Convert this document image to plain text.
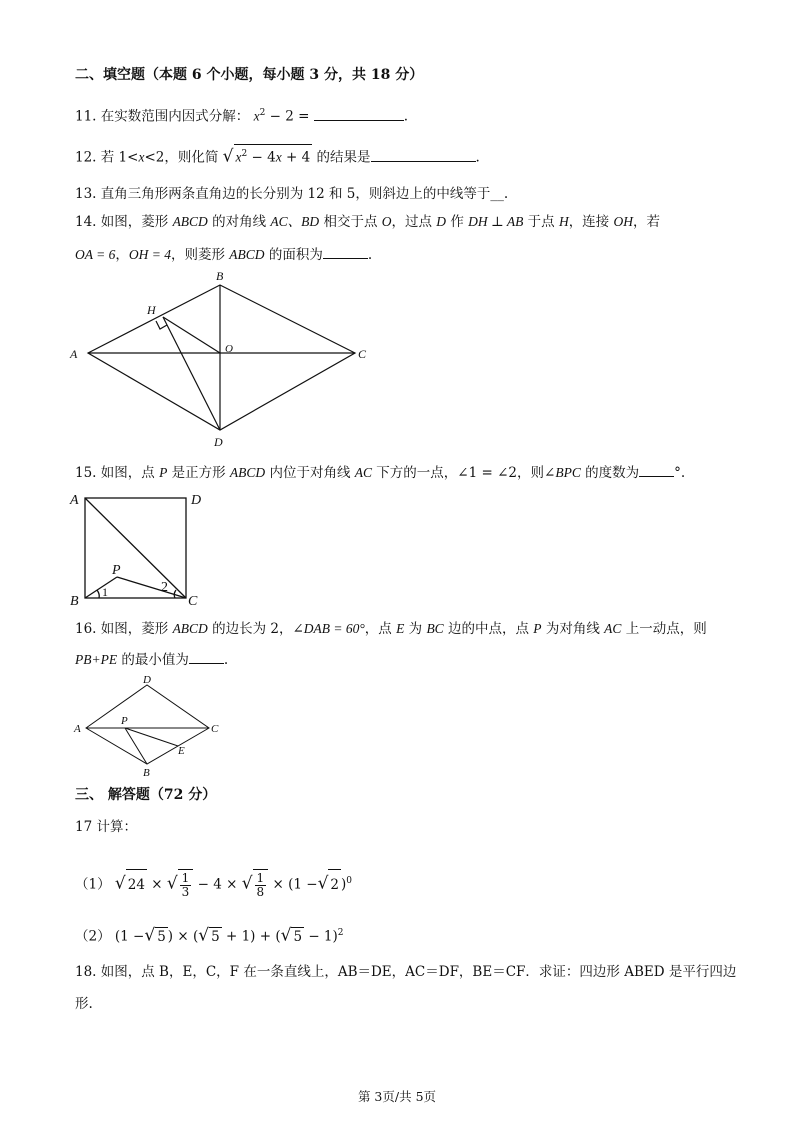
二、填空题（本题 6 个小题，每小题 3 分，共 18 分）
11. 在实数范围内因式分解： $x^2 - 2$ =	.
12. 若 1<x<2，则化简 √ $x^2 - 4x + 4$ 的结果是	.
13. 直角三角形两条直角边的长分别为 12 和 5，则斜边上的中线等于__.
14. 如图，菱形 ABCD 的对角线 AC、BD 相交于点 O，过点 D 作 DH ⊥ AB 于点 H，连接 OH，若
OA = 6，OH = 4，则菱形 ABCD 的面积为	.
A
B
C
D
H
O
15. 如图，点 P 是正方形 ABCD 内位于对角线 AC 下方的一点，∠1 = ∠2，则∠BPC 的度数为	°.
A	D
B	C
P
1	2
16. 如图，菱形 ABCD 的边长为 2，∠DAB = 60°，点 E 为 BC 边的中点，点 P 为对角线 AC 上一动点，则
PB+PE 的最小值为	.
A
B
C
D
E
P
三、 解答题（72 分）
17 计算：
（1） √ 24 × √ $\frac{1}{3} - 4$ × √ $\frac{1}{8} \times (1$ −√ 2 )$^0$
（2） (1 −√ 5 ) × (√ 5 + 1) + (√ 5 − 1)$^2$
18. 如图，点 B，E，C，F 在一条直线上，AB＝DE，AC＝DF，BE＝CF．求证：四边形 ABED 是平行四边
形.
第 3页/共 5页
